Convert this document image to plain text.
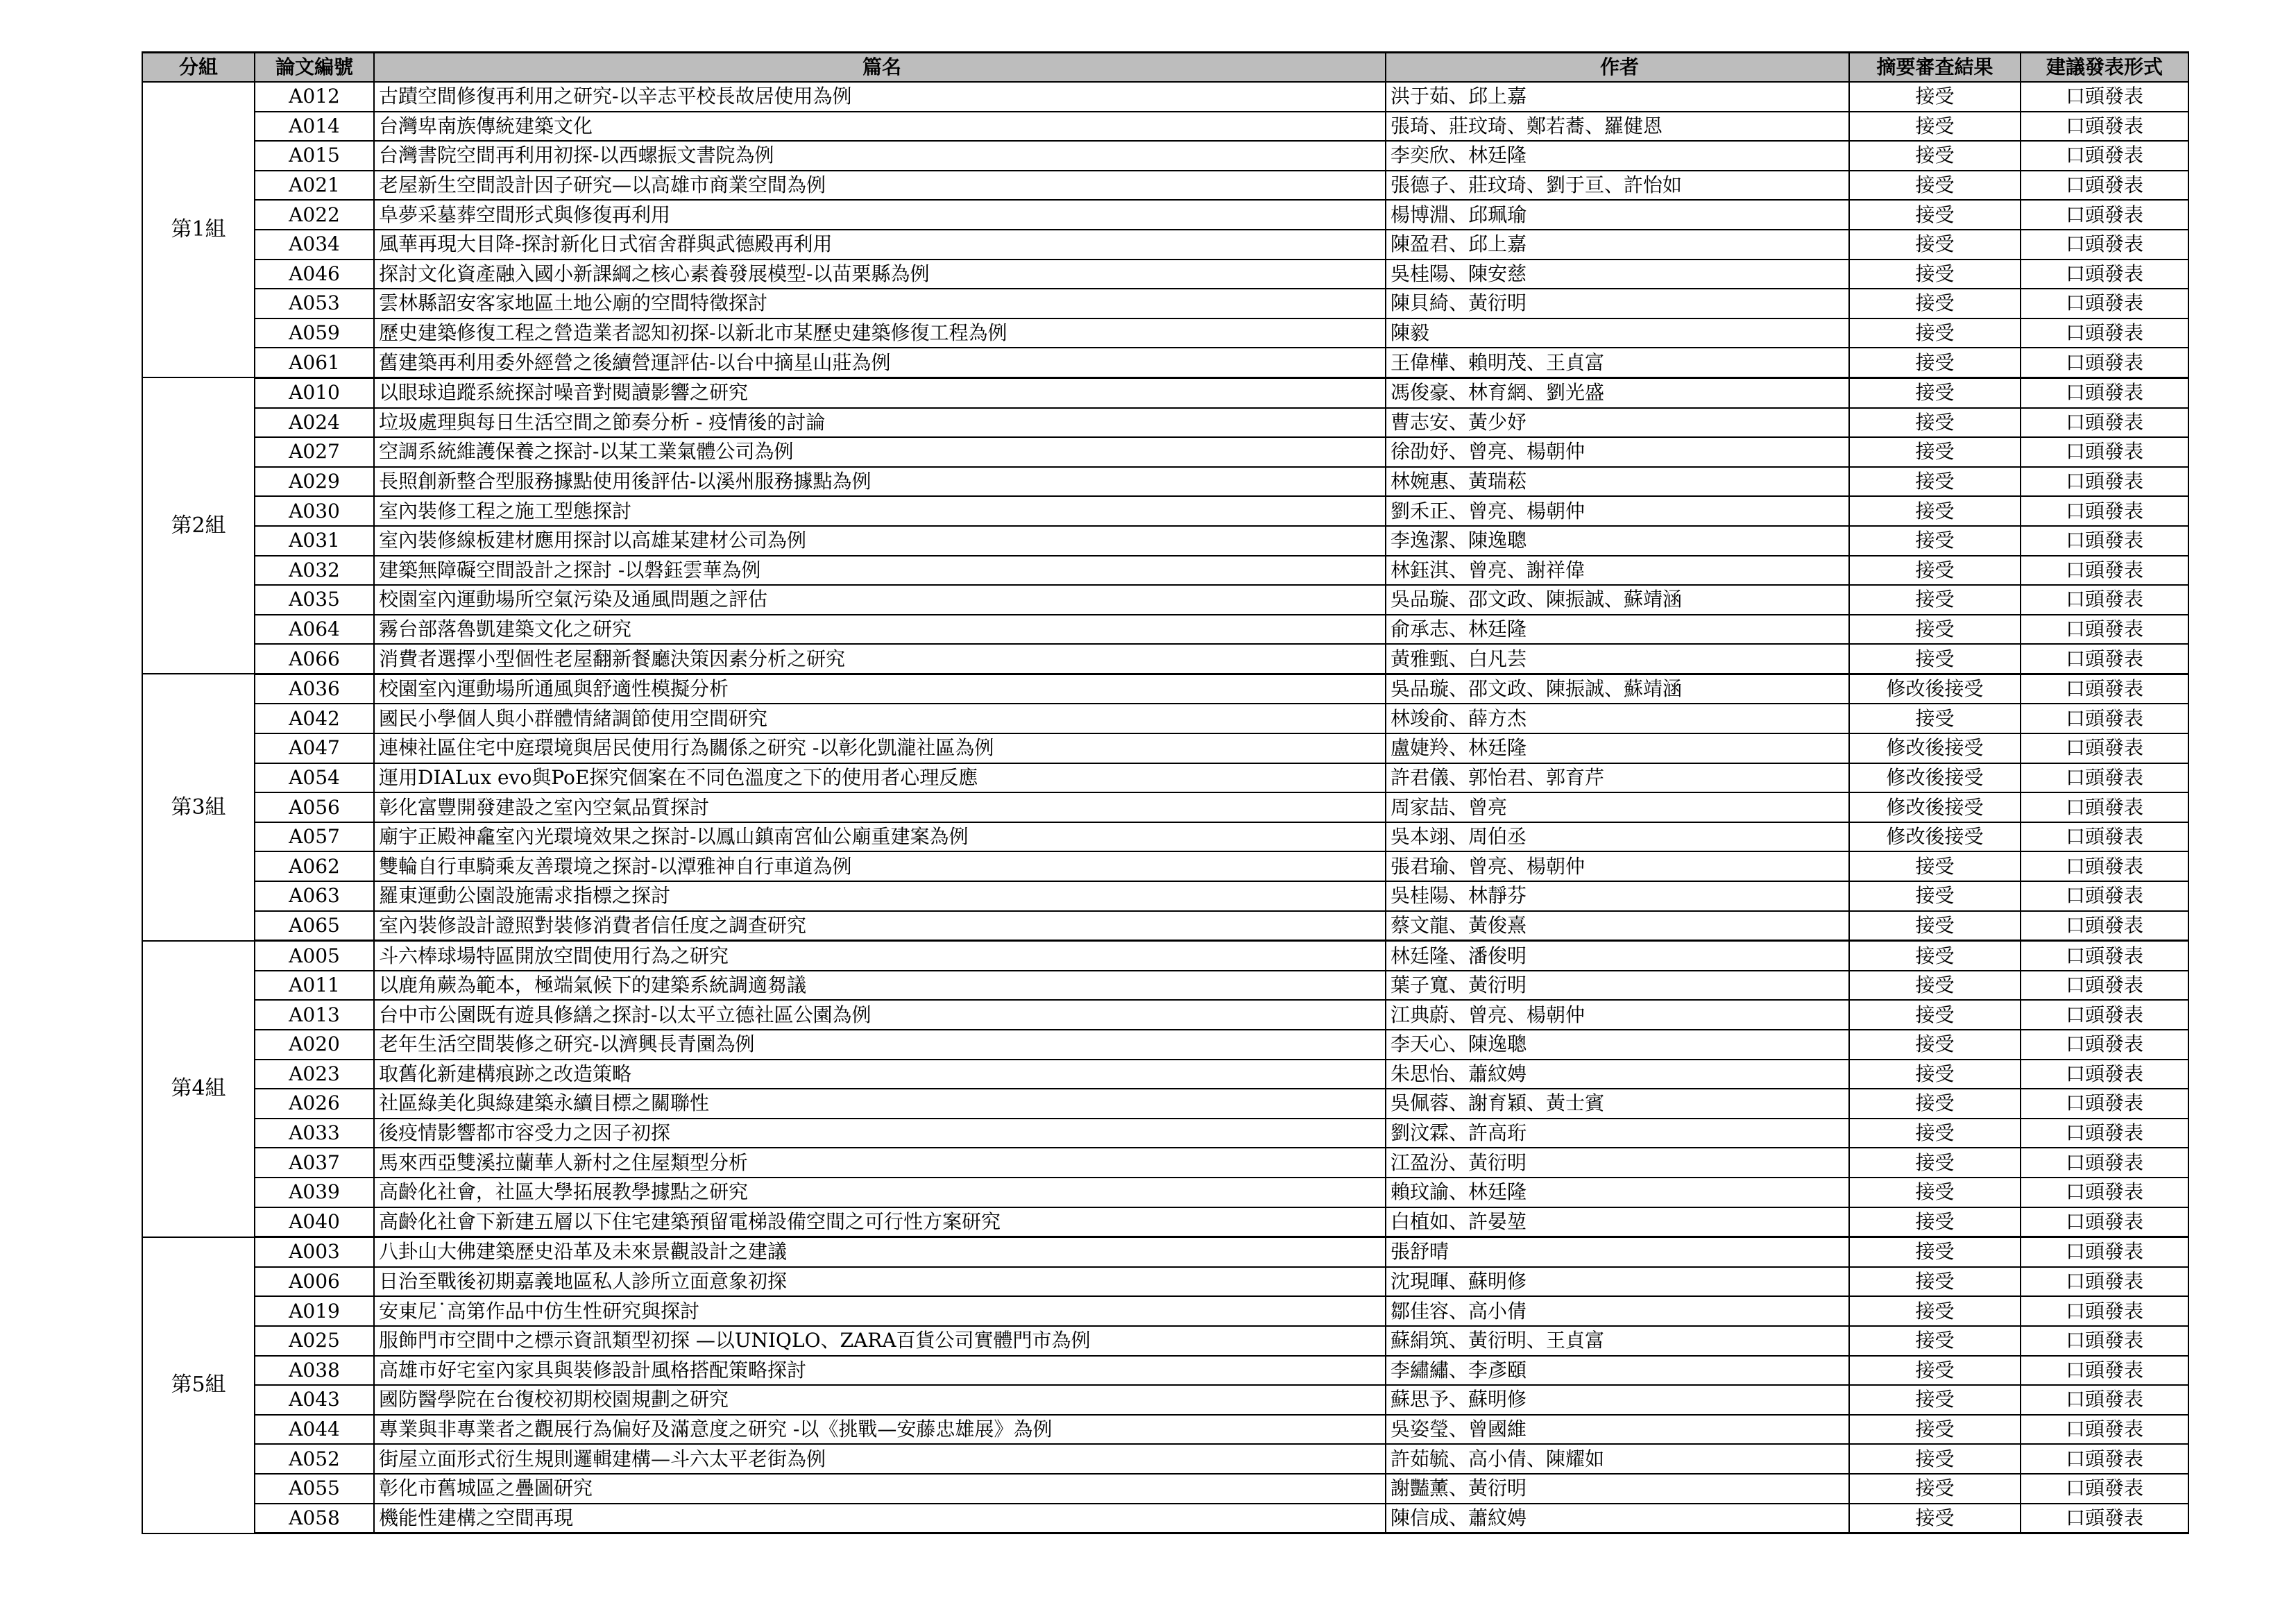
分組	論文編號	篇名	作者	摘要審查結果	建議發表形式
第1組	A012	古蹟空間修復再利用之研究-以辛志平校長故居使用為例	洪于茹、邱上嘉	接受	口頭發表
	A014	台灣卑南族傳統建築文化	張琦、莊玟琦、鄭若蕎、羅健恩	接受	口頭發表
	A015	台灣書院空間再利用初探-以西螺振文書院為例	李奕欣、林廷隆	接受	口頭發表
	A021	老屋新生空間設計因子研究—以高雄市商業空間為例	張德子、莊玟琦、劉于亘、許怡如	接受	口頭發表
	A022	阜夢采墓葬空間形式與修復再利用	楊博淵、邱珮瑜	接受	口頭發表
	A034	風華再現大目降-探討新化日式宿舍群與武德殿再利用	陳盈君、邱上嘉	接受	口頭發表
	A046	探討文化資產融入國小新課綱之核心素養發展模型-以苗栗縣為例	吳桂陽、陳安慈	接受	口頭發表
	A053	雲林縣詔安客家地區土地公廟的空間特徵探討	陳貝綺、黃衍明	接受	口頭發表
	A059	歷史建築修復工程之營造業者認知初探-以新北市某歷史建築修復工程為例	陳毅	接受	口頭發表
	A061	舊建築再利用委外經營之後續營運評估-以台中摘星山莊為例	王偉樺、賴明茂、王貞富	接受	口頭發表
第2組	A010	以眼球追蹤系統探討噪音對閱讀影響之研究	馮俊豪、林育網、劉光盛	接受	口頭發表
	A024	垃圾處理與每日生活空間之節奏分析 - 疫情後的討論	曹志安、黃少妤	接受	口頭發表
	A027	空調系統維護保養之探討-以某工業氣體公司為例	徐劭妤、曾亮、楊朝仲	接受	口頭發表
	A029	長照創新整合型服務據點使用後評估-以溪州服務據點為例	林婉惠、黃瑞菘	接受	口頭發表
	A030	室內裝修工程之施工型態探討	劉禾正、曾亮、楊朝仲	接受	口頭發表
	A031	室內裝修線板建材應用探討以高雄某建材公司為例	李逸潔、陳逸聰	接受	口頭發表
	A032	建築無障礙空間設計之探討 -以磐鈺雲華為例	林鈺淇、曾亮、謝祥偉	接受	口頭發表
	A035	校園室內運動場所空氣污染及通風問題之評估	吳品璇、邵文政、陳振誠、蘇靖涵	接受	口頭發表
	A064	霧台部落魯凱建築文化之研究	俞承志、林廷隆	接受	口頭發表
	A066	消費者選擇小型個性老屋翻新餐廳決策因素分析之研究	黃雅甄、白凡芸	接受	口頭發表
第3組	A036	校園室內運動場所通風與舒適性模擬分析	吳品璇、邵文政、陳振誠、蘇靖涵	修改後接受	口頭發表
	A042	國民小學個人與小群體情緒調節使用空間研究	林竣俞、薛方杰	接受	口頭發表
	A047	連棟社區住宅中庭環境與居民使用行為關係之研究 -以彰化凱瀧社區為例	盧婕羚、林廷隆	修改後接受	口頭發表
	A054	運用DIALux evo與PoE探究個案在不同色溫度之下的使用者心理反應	許君儀、郭怡君、郭育芹	修改後接受	口頭發表
	A056	彰化富豐開發建設之室內空氣品質探討	周家喆、曾亮	修改後接受	口頭發表
	A057	廟宇正殿神龕室內光環境效果之探討-以鳳山鎮南宮仙公廟重建案為例	吳本翊、周伯丞	修改後接受	口頭發表
	A062	雙輪自行車騎乘友善環境之探討-以潭雅神自行車道為例	張君瑜、曾亮、楊朝仲	接受	口頭發表
	A063	羅東運動公園設施需求指標之探討	吳桂陽、林靜芬	接受	口頭發表
	A065	室內裝修設計證照對裝修消費者信任度之調查研究	蔡文龍、黃俊熹	接受	口頭發表
第4組	A005	斗六棒球場特區開放空間使用行為之研究	林廷隆、潘俊明	接受	口頭發表
	A011	以鹿角蕨為範本，極端氣候下的建築系統調適芻議	葉子寬、黃衍明	接受	口頭發表
	A013	台中市公園既有遊具修繕之探討-以太平立德社區公園為例	江典蔚、曾亮、楊朝仲	接受	口頭發表
	A020	老年生活空間裝修之研究-以濟興長青園為例	李天心、陳逸聰	接受	口頭發表
	A023	取舊化新建構痕跡之改造策略	朱思怡、蕭紋娉	接受	口頭發表
	A026	社區綠美化與綠建築永續目標之關聯性	吳佩蓉、謝育穎、黃士賓	接受	口頭發表
	A033	後疫情影響都市容受力之因子初探	劉汶霖、許高珩	接受	口頭發表
	A037	馬來西亞雙溪拉蘭華人新村之住屋類型分析	江盈汾、黃衍明	接受	口頭發表
	A039	高齡化社會，社區大學拓展教學據點之研究	賴玟諭、林廷隆	接受	口頭發表
	A040	高齡化社會下新建五層以下住宅建築預留電梯設備空間之可行性方案研究	白植如、許晏堃	接受	口頭發表
第5組	A003	八卦山大佛建築歷史沿革及未來景觀設計之建議	張舒晴	接受	口頭發表
	A006	日治至戰後初期嘉義地區私人診所立面意象初探	沈現暉、蘇明修	接受	口頭發表
	A019	安東尼˙高第作品中仿生性研究與探討	鄒佳容、高小倩	接受	口頭發表
	A025	服飾門市空間中之標示資訊類型初探 —以UNIQLO、ZARA百貨公司實體門市為例	蘇絹筑、黃衍明、王貞富	接受	口頭發表
	A038	高雄市好宅室內家具與裝修設計風格搭配策略探討	李繡繡、李彥頤	接受	口頭發表
	A043	國防醫學院在台復校初期校園規劃之研究	蘇思予、蘇明修	接受	口頭發表
	A044	專業與非專業者之觀展行為偏好及滿意度之研究 -以《挑戰—安藤忠雄展》為例	吳姿瑩、曾國維	接受	口頭發表
	A052	街屋立面形式衍生規則邏輯建構—斗六太平老街為例	許茹毓、高小倩、陳耀如	接受	口頭發表
	A055	彰化市舊城區之疊圖研究	謝豔薰、黃衍明	接受	口頭發表
	A058	機能性建構之空間再現	陳信成、蕭紋娉	接受	口頭發表
